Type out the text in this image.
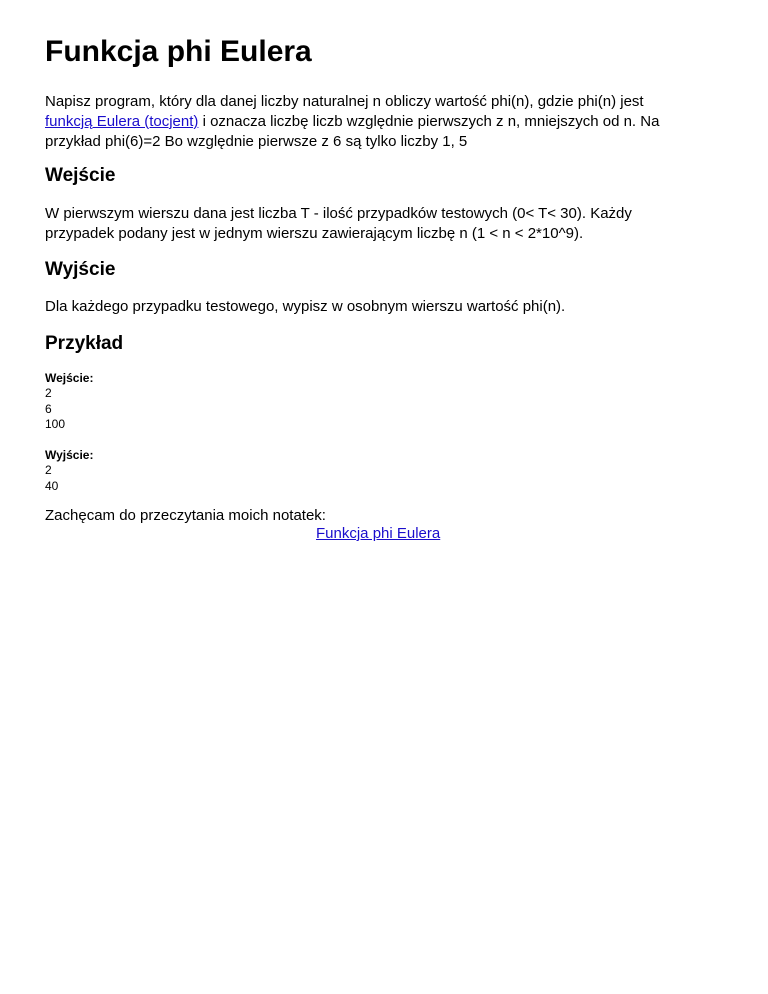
Funkcja phi Eulera

Napisz program, który dla danej liczby naturalnej n obliczy wartość phi(n), gdzie phi(n) jest

funkcją Eulera (tocjent) i oznacza liczbę liczb względnie pierwszych z n, mniejszych od n. Na

przykład phi(6)=2 Bo względnie pierwsze z 6 są tylko liczby 1, 5

Wejście

W pierwszym wierszu dana jest liczba T - ilość przypadków testowych (0< T< 30). Każdy

przypadek podany jest w jednym wierszu zawierającym liczbę n (1 < n < 2*10^9).

Wyjście

Dla każdego przypadku testowego, wypisz w osobnym wierszu wartość phi(n).

Przykład

Wejście:

2

6

100

Wyjście:

2

40

Zachęcam do przeczytania moich notatek:

Funkcja phi Eulera
